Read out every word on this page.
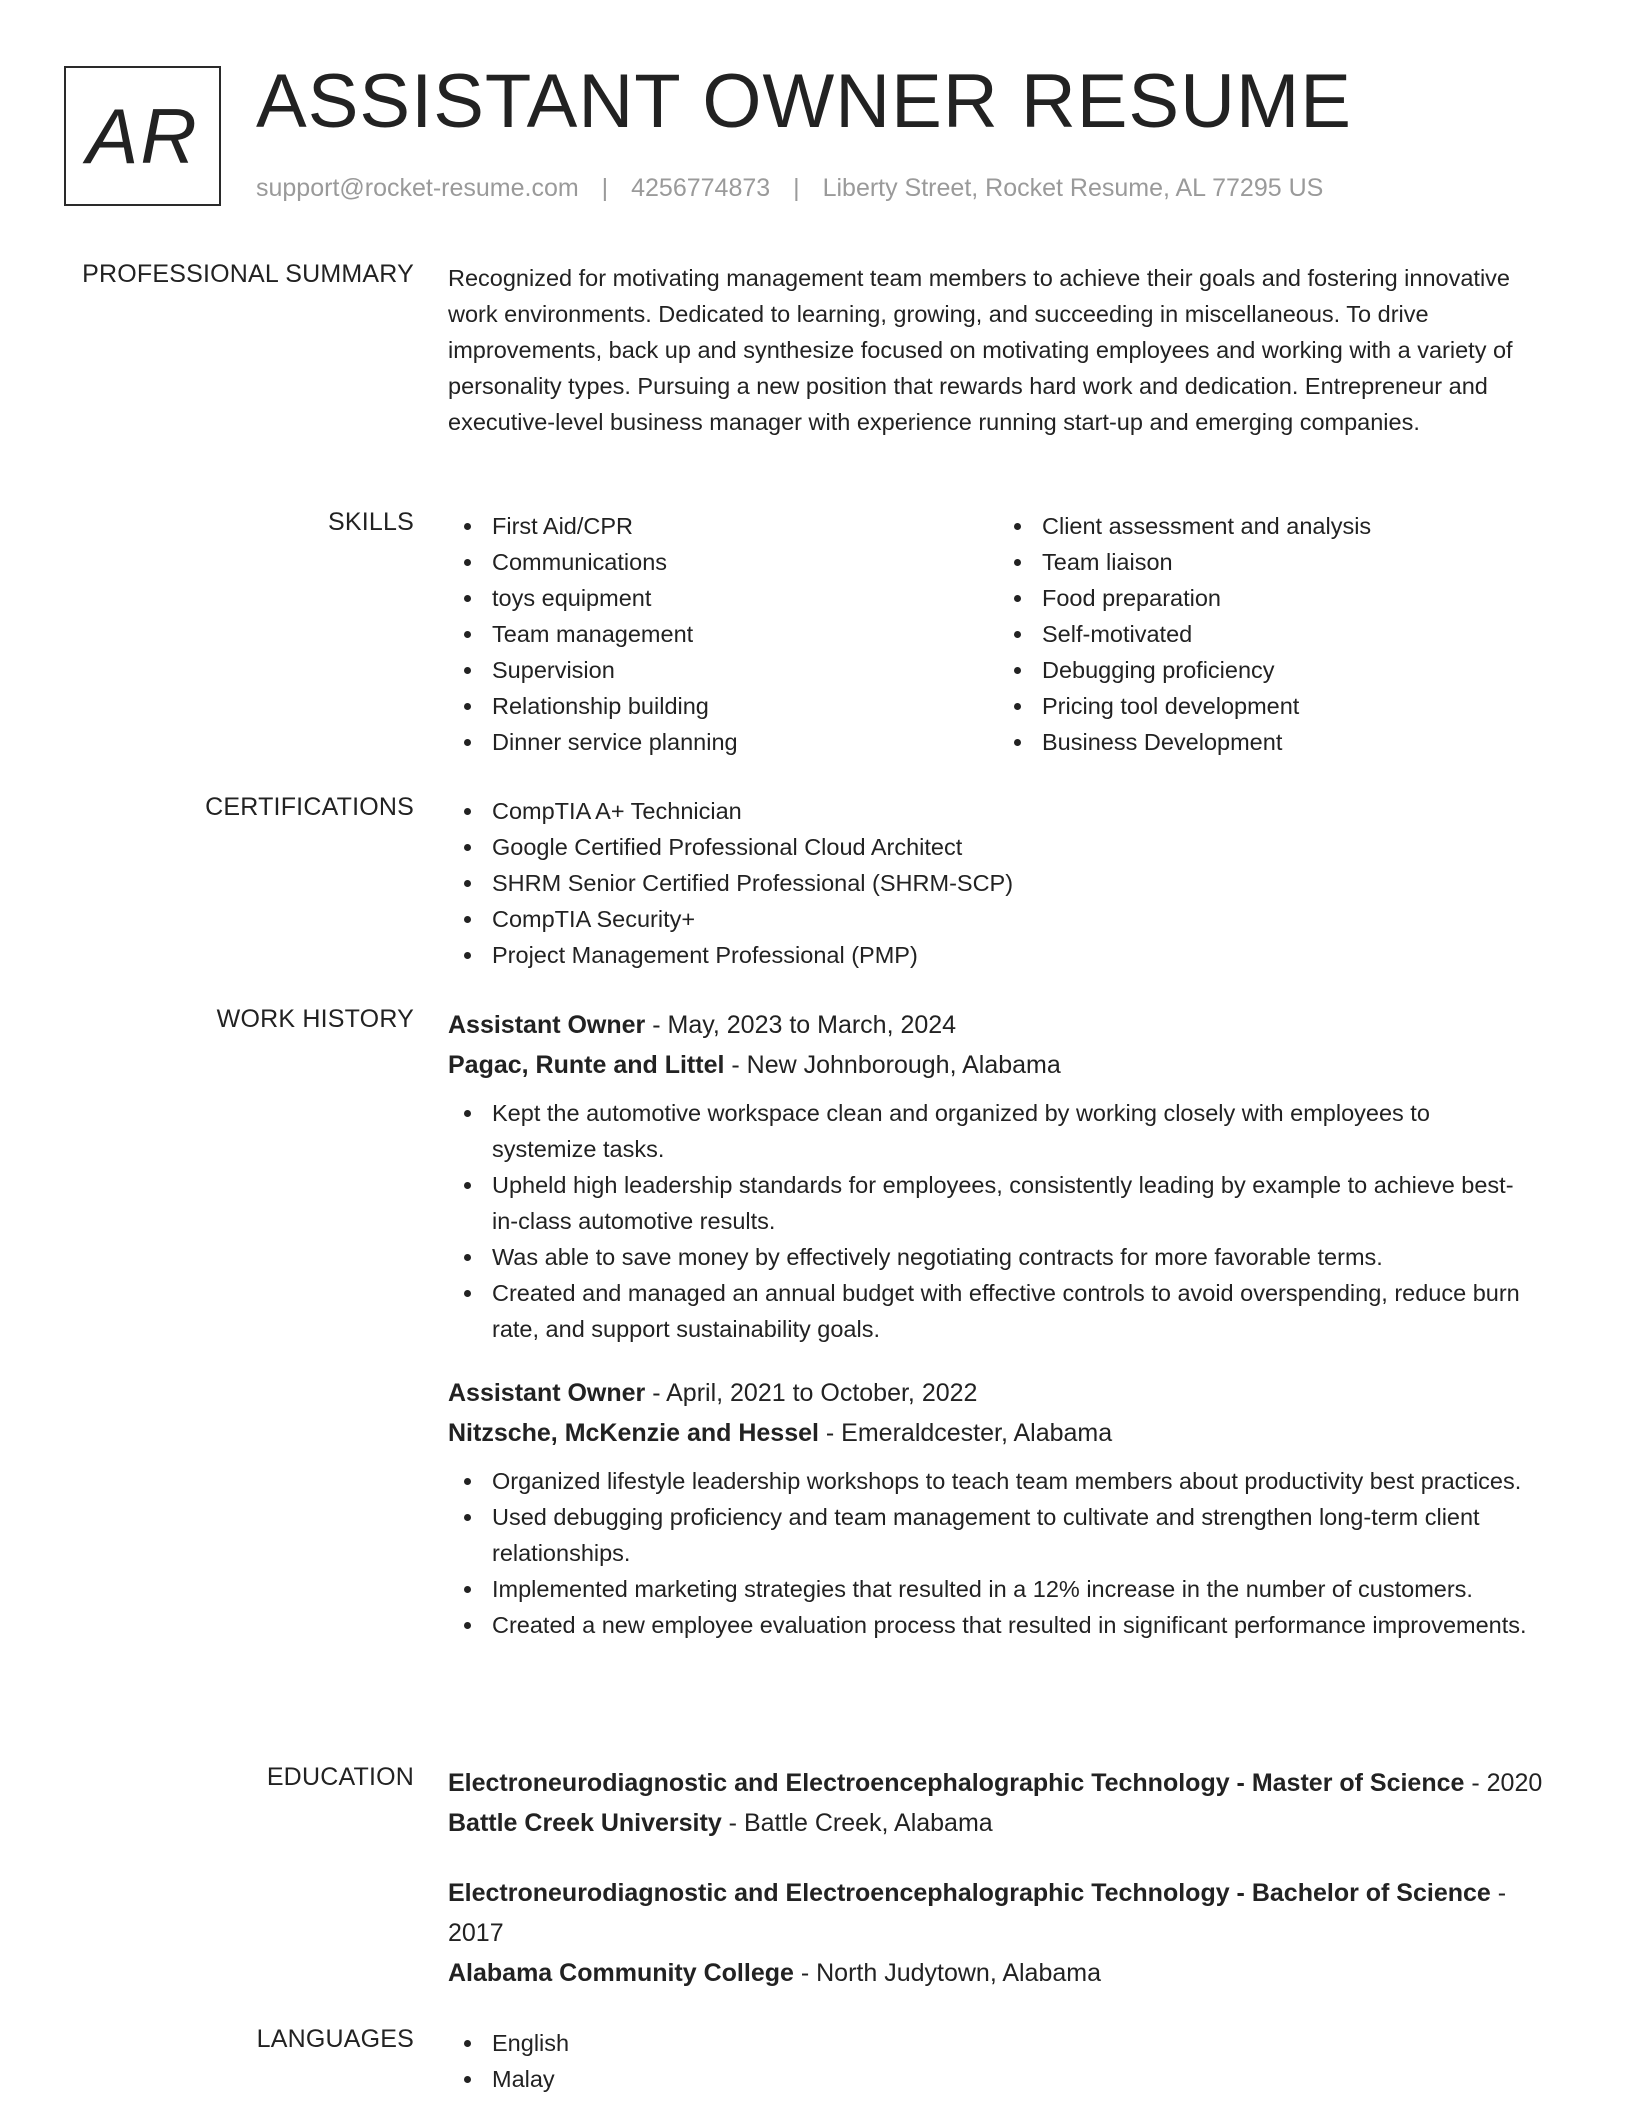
AR ASSISTANT OWNER RESUME
support@rocket-resume.com | 4256774873 | Liberty Street, Rocket Resume, AL 77295 US
PROFESSIONAL SUMMARY Recognized for motivating management team members to achieve their goals and fostering innovative work environments. Dedicated to learning, growing, and succeeding in miscellaneous. To drive improvements, back up and synthesize focused on motivating employees and working with a variety of personality types. Pursuing a new position that rewards hard work and dedication. Entrepreneur and executive-level business manager with experience running start-up and emerging companies.

SKILLS	First Aid/CPR
Communications
toys equipment
Team management
Supervision
Relationship building
Dinner service planning
Client assessment and analysis
Team liaison
Food preparation
Self-motivated
Debugging proficiency
Pricing tool development
Business Development
CERTIFICATIONS	CompTIA A+ Technician
Google Certified Professional Cloud Architect
SHRM Senior Certified Professional (SHRM-SCP)
CompTIA Security+
Project Management Professional (PMP)
WORK HISTORY Assistant Owner - May, 2023 to March, 2024
Pagac, Runte and Littel - New Johnborough, Alabama
Kept the automotive workspace clean and organized by working closely with employees to systemize tasks.
Upheld high leadership standards for employees, consistently leading by example to achieve best-in-class automotive results.
Was able to save money by effectively negotiating contracts for more favorable terms.
Created and managed an annual budget with effective controls to avoid overspending, reduce burn rate, and support sustainability goals.
Assistant Owner - April, 2021 to October, 2022
Nitzsche, McKenzie and Hessel - Emeraldcester, Alabama
Organized lifestyle leadership workshops to teach team members about productivity best practices.
Used debugging proficiency and team management to cultivate and strengthen long-term client relationships.
Implemented marketing strategies that resulted in a 12% increase in the number of customers.
Created a new employee evaluation process that resulted in significant performance improvements.
EDUCATION Electroneurodiagnostic and Electroencephalographic Technology - Master of Science - 2020
Battle Creek University - Battle Creek, Alabama
Electroneurodiagnostic and Electroencephalographic Technology - Bachelor of Science - 2017
Alabama Community College - North Judytown, Alabama
LANGUAGES	English
Malay
